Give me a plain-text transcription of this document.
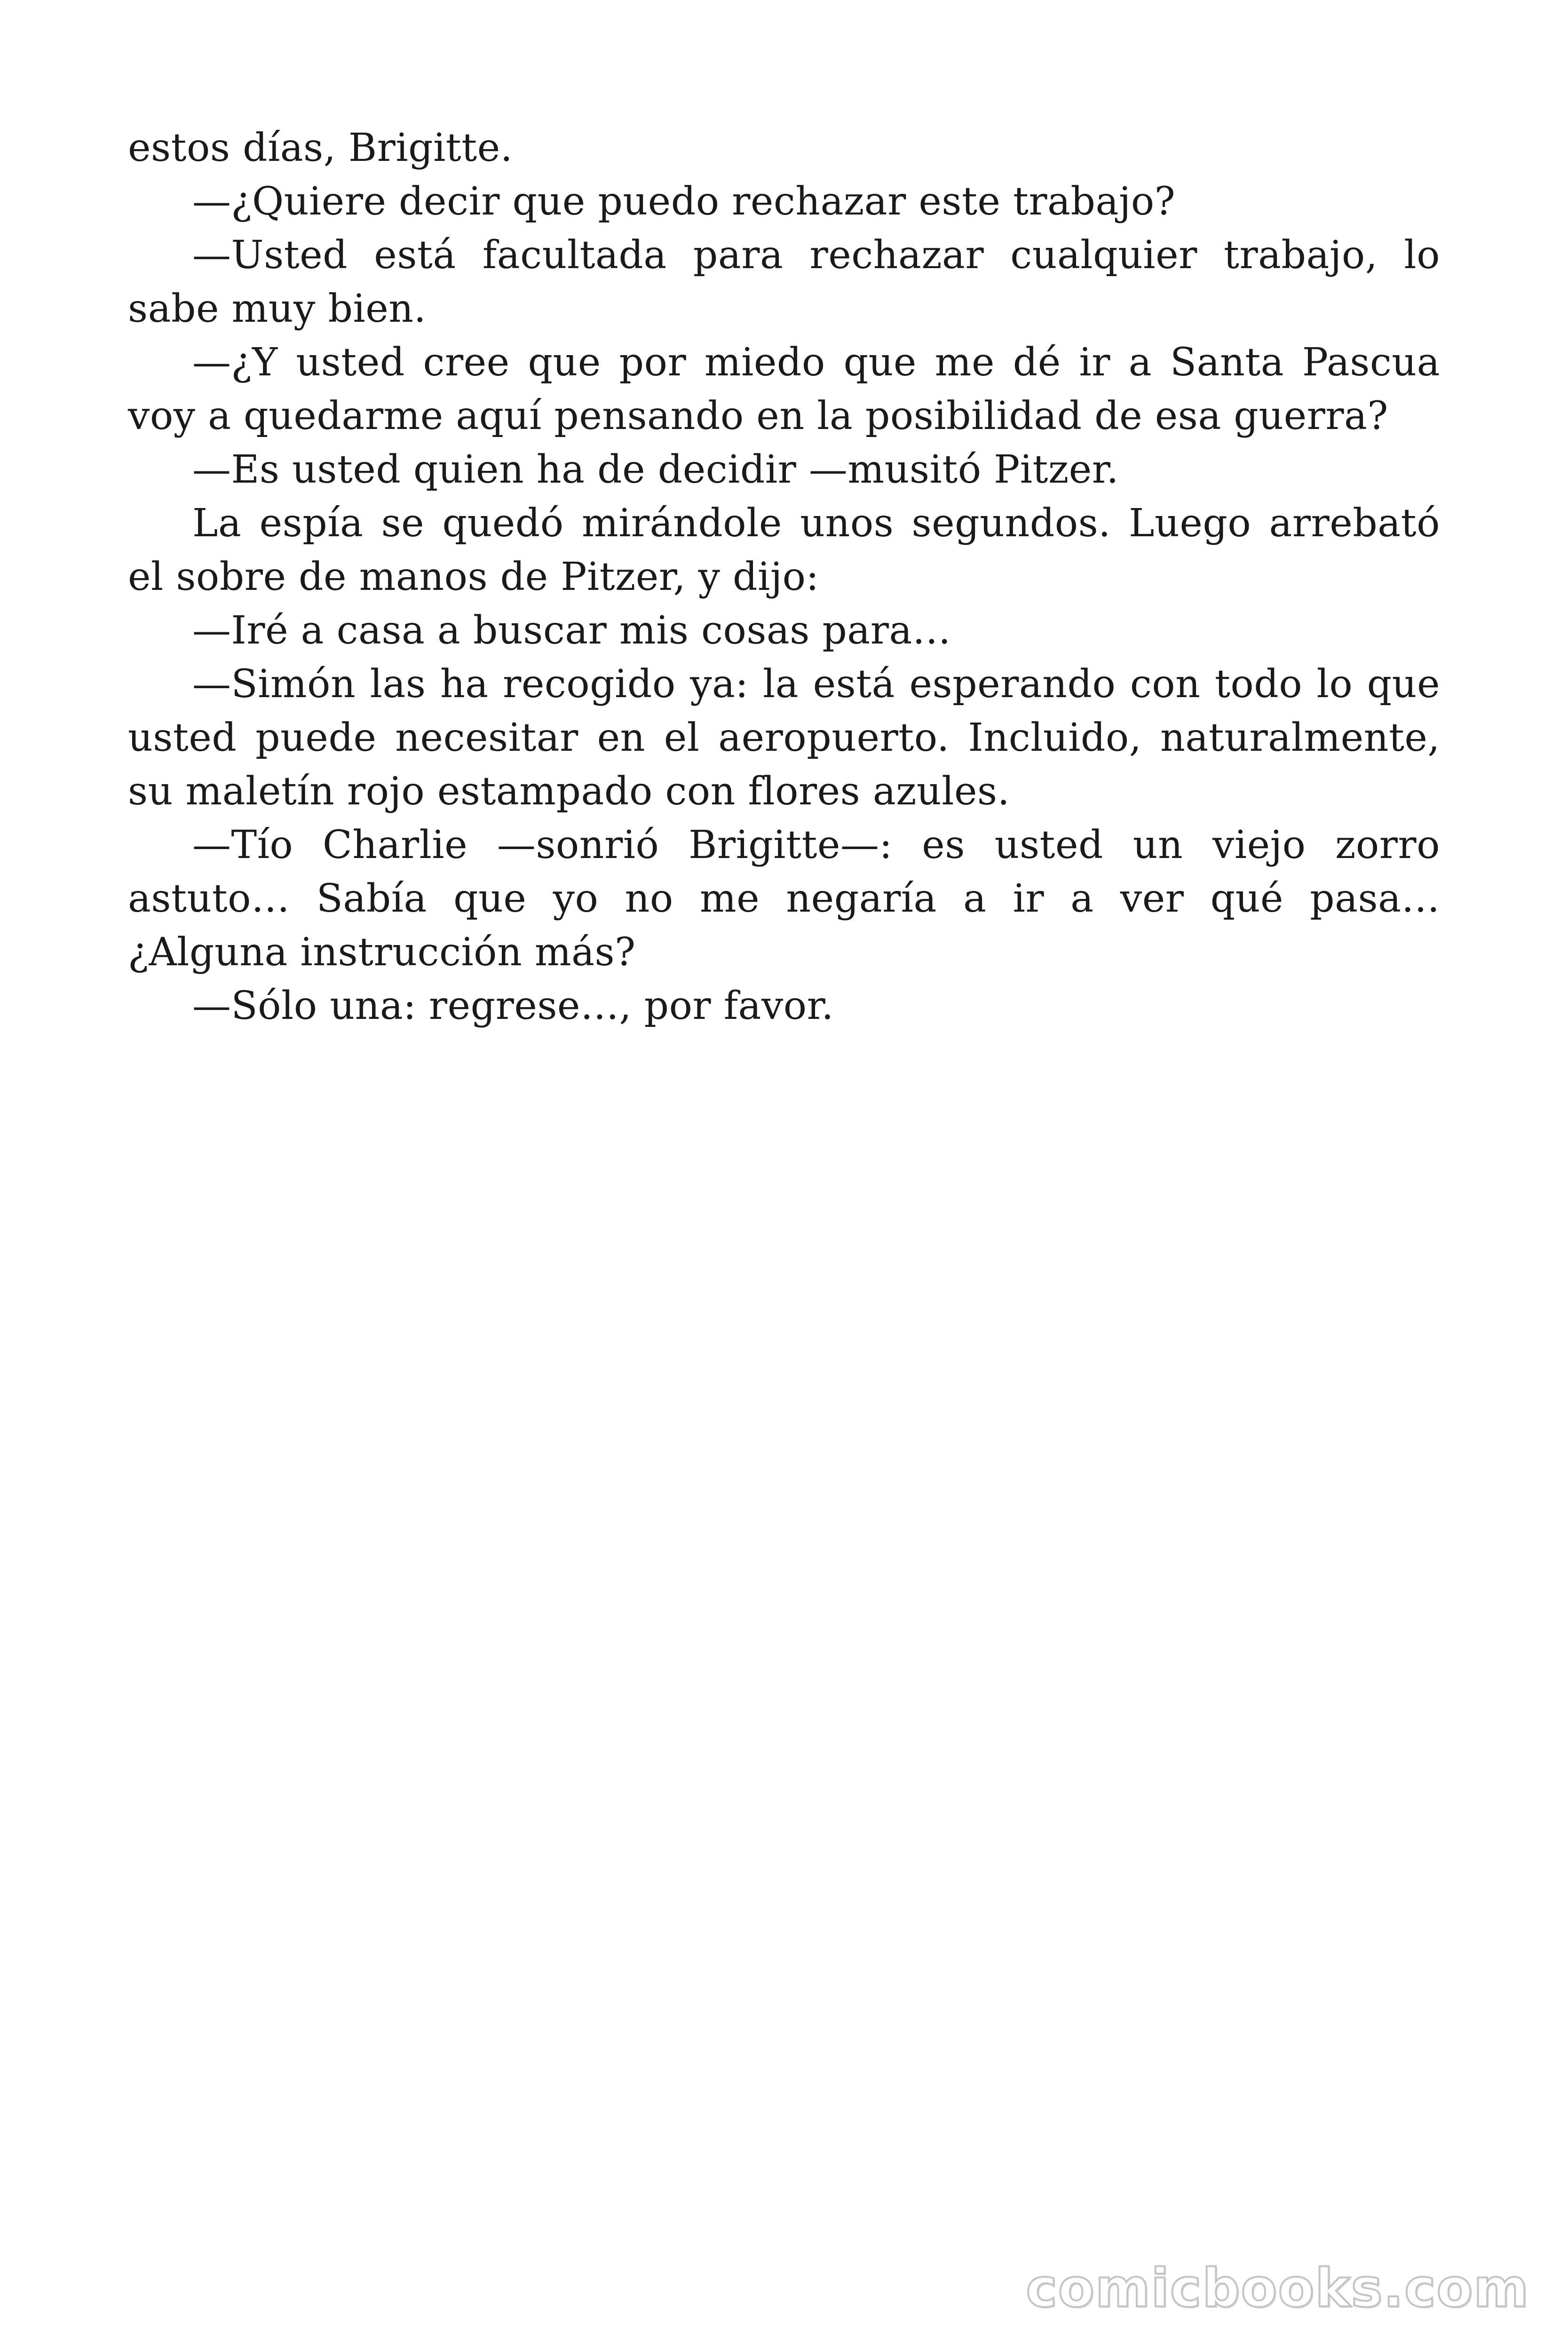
estos días, Brigitte.

—¿Quiere decir que puedo rechazar este trabajo?

—Usted está facultada para rechazar cualquier trabajo, lo sabe muy bien.

—¿Y usted cree que por miedo que me dé ir a Santa Pascua voy a quedarme aquí pensando en la posibilidad de esa guerra?

—Es usted quien ha de decidir —musitó Pitzer.

La espía se quedó mirándole unos segundos. Luego arrebató el sobre de manos de Pitzer, y dijo:

—Iré a casa a buscar mis cosas para…

—Simón las ha recogido ya: la está esperando con todo lo que usted puede necesitar en el aeropuerto. Incluido, naturalmente, su maletín rojo estampado con flores azules.

—Tío Charlie —sonrió Brigitte—: es usted un viejo zorro astuto… Sabía que yo no me negaría a ir a ver qué pasa… ¿Alguna instrucción más?

—Sólo una: regrese…, por favor.

comicbooks.com
